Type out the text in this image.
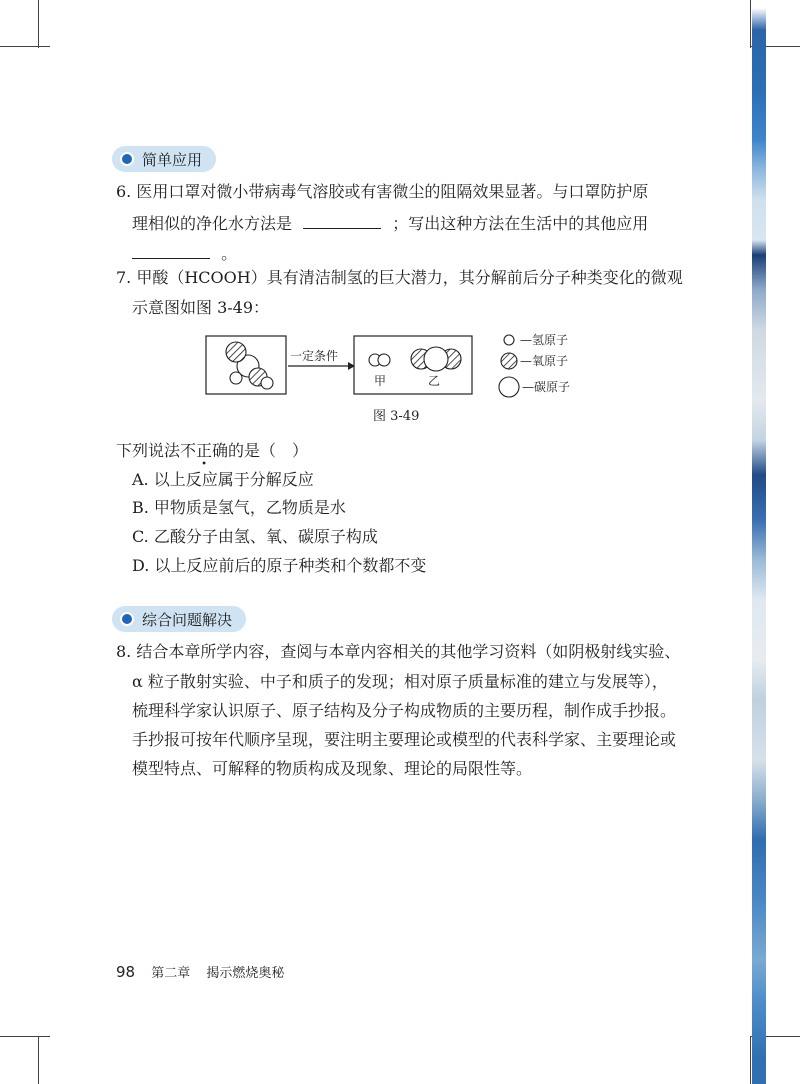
简单应用
6. 医用口罩对微小带病毒气溶胶或有害微尘的阻隔效果显著。与口罩防护原
理相似的净化水方法是	；写出这种方法在生活中的其他应用
。
7. 甲酸（HCOOH）具有清洁制氢的巨大潜力，其分解前后分子种类变化的微观
示意图如图 3-49：
一定条件
甲	乙
—氢原子
—氧原子
—碳原子
图 3-49
下列说法不正确的是（　）
A. 以上反应属于分解反应
B. 甲物质是氢气，乙物质是水
C. 乙酸分子由氢、氧、碳原子构成
D. 以上反应前后的原子种类和个数都不变
综合问题解决
8. 结合本章所学内容，查阅与本章内容相关的其他学习资料（如阴极射线实验、
α 粒子散射实验、中子和质子的发现；相对原子质量标准的建立与发展等），
梳理科学家认识原子、原子结构及分子构成物质的主要历程，制作成手抄报。
手抄报可按年代顺序呈现，要注明主要理论或模型的代表科学家、主要理论或
模型特点、可解释的物质构成及现象、理论的局限性等。
98 第二章 揭示燃烧奥秘
